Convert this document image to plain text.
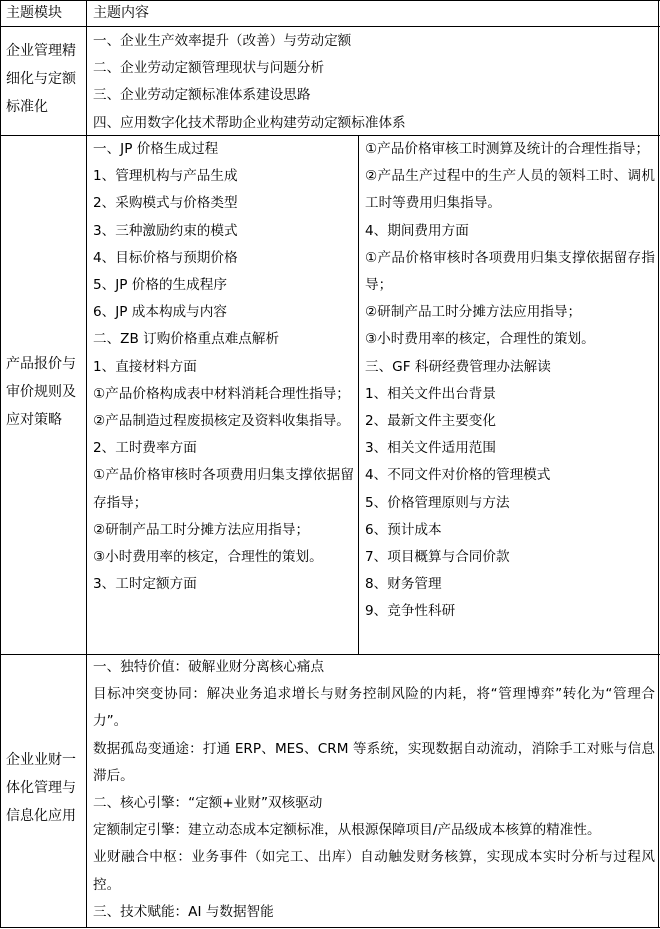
主题模块	主题内容
企业管理精细化与定额标准化
一、企业生产效率提升（改善）与劳动定额
二、企业劳动定额管理现状与问题分析
三、企业劳动定额标准体系建设思路
四、应用数字化技术帮助企业构建劳动定额标准体系
产品报价与审价规则及应对策略
一、JP 价格生成过程
1、管理机构与产品生成
2、采购模式与价格类型
3、三种激励约束的模式
4、目标价格与预期价格
5、JP 价格的生成程序
6、JP 成本构成与内容
二、ZB 订购价格重点难点解析
1、直接材料方面
①产品价格构成表中材料消耗合理性指导；
②产品制造过程废损核定及资料收集指导。
2、工时费率方面
①产品价格审核时各项费用归集支撑依据留存指导；
②研制产品工时分摊方法应用指导；
③小时费用率的核定，合理性的策划。
3、工时定额方面
①产品价格审核工时测算及统计的合理性指导；
②产品生产过程中的生产人员的领料工时、调机工时等费用归集指导。
4、期间费用方面
①产品价格审核时各项费用归集支撑依据留存指导；
②研制产品工时分摊方法应用指导；
③小时费用率的核定，合理性的策划。
三、GF 科研经费管理办法解读
1、相关文件出台背景
2、最新文件主要变化
3、相关文件适用范围
4、不同文件对价格的管理模式
5、价格管理原则与方法
6、预计成本
7、项目概算与合同价款
8、财务管理
9、竞争性科研
企业业财一体化管理与信息化应用
一、独特价值：破解业财分离核心痛点
目标冲突变协同：解决业务追求增长与财务控制风险的内耗，将“管理博弈”转化为“管理合力”。
数据孤岛变通途：打通 ERP、MES、CRM 等系统，实现数据自动流动，消除手工对账与信息滞后。
二、核心引擎：“定额+业财”双核驱动
定额制定引擎：建立动态成本定额标准，从根源保障项目/产品级成本核算的精准性。
业财融合中枢：业务事件（如完工、出库）自动触发财务核算，实现成本实时分析与过程风控。
三、技术赋能：AI 与数据智能
